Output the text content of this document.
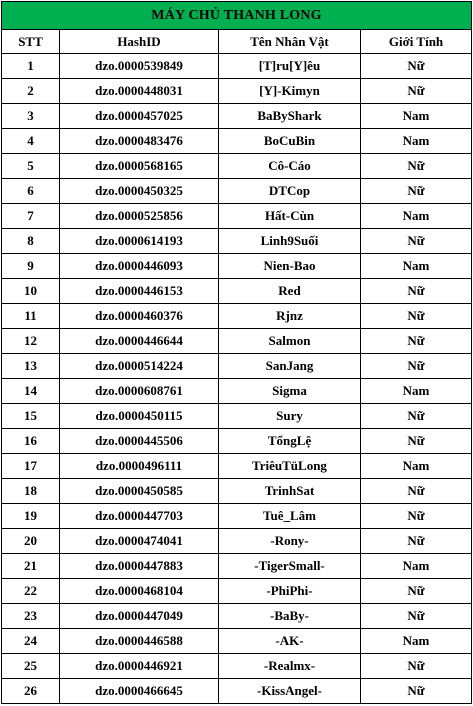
MÁY CHỦ THANH LONG			
STT	HashID	Tên Nhân Vật	Giới Tính
1	dzo.0000539849	[T]ru[Y]êu	Nữ
2	dzo.0000448031	[Y]-Kimyn	Nữ
3	dzo.0000457025	BaByShark	Nam
4	dzo.0000483476	BoCuBin	Nam
5	dzo.0000568165	Cô-Cáo	Nữ
6	dzo.0000450325	DTCop	Nữ
7	dzo.0000525856	Hất-Cùn	Nam
8	dzo.0000614193	Linh9Suối	Nữ
9	dzo.0000446093	Nien-Bao	Nam
10	dzo.0000446153	Red	Nữ
11	dzo.0000460376	Rjnz	Nữ
12	dzo.0000446644	Salmon	Nữ
13	dzo.0000514224	SanJang	Nữ
14	dzo.0000608761	Sigma	Nam
15	dzo.0000450115	Sury	Nữ
16	dzo.0000445506	TổngLệ	Nữ
17	dzo.0000496111	TriêuTüLong	Nam
18	dzo.0000450585	TrinhSat	Nữ
19	dzo.0000447703	Tuê_Lâm	Nữ
20	dzo.0000474041	-Rony-	Nữ
21	dzo.0000447883	-TigerSmall-	Nam
22	dzo.0000468104	-PhiPhi-	Nữ
23	dzo.0000447049	-BaBy-	Nữ
24	dzo.0000446588	-AK-	Nam
25	dzo.0000446921	-Realmx-	Nữ
26	dzo.0000466645	-KissAngel-	Nữ
